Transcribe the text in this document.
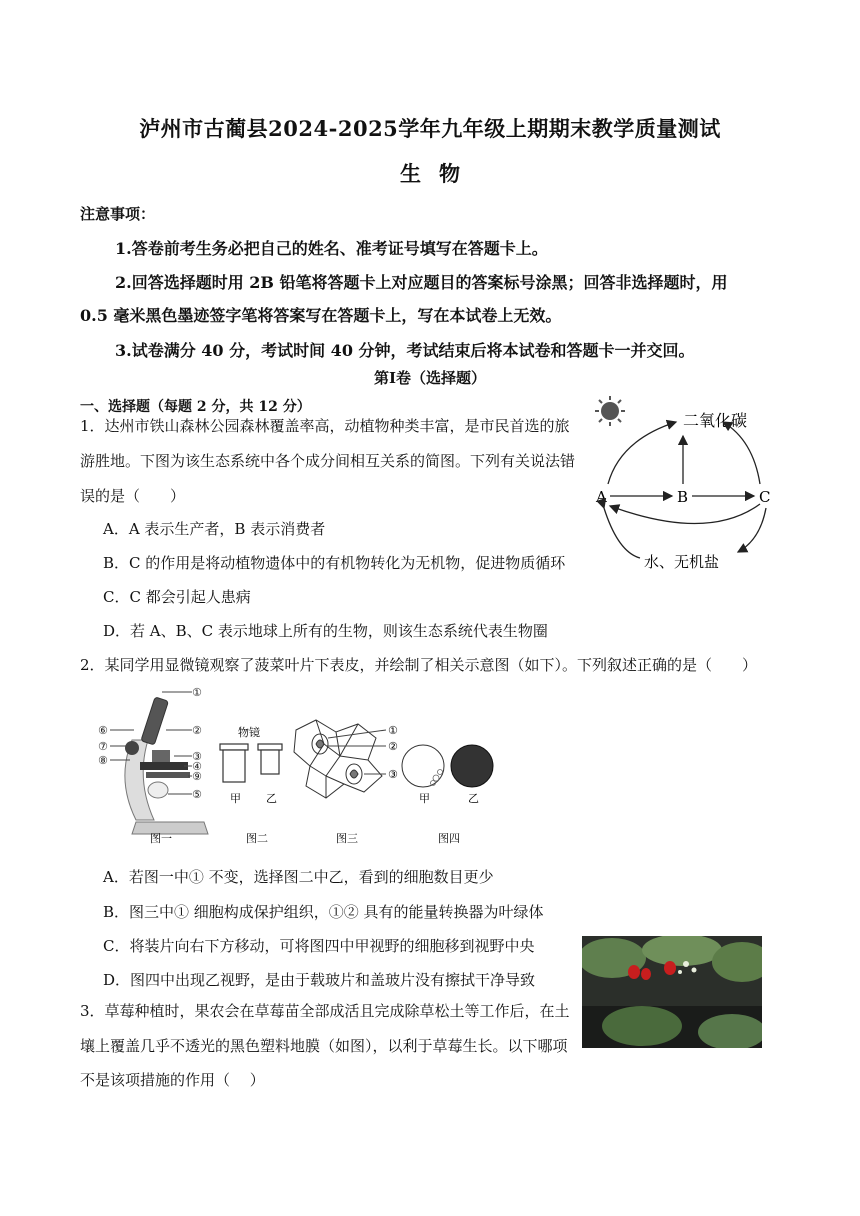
泸州市古蔺县2024-2025学年九年级上期期末教学质量测试
生物
注意事项：
1.答卷前考生务必把自己的姓名、准考证号填写在答题卡上。
2.回答选择题时用 2B 铅笔将答题卡上对应题目的答案标号涂黑；回答非选择题时，用
0.5 毫米黑色墨迹签字笔将答案写在答题卡上，写在本试卷上无效。
3.试卷满分 40 分，考试时间 40 分钟，考试结束后将本试卷和答题卡一并交回。
第Ⅰ卷（选择题）
一、选择题（每题 2 分，共 12 分）
1．达州市铁山森林公园森林覆盖率高，动植物种类丰富，是市民首选的旅
游胜地。下图为该生态系统中各个成分间相互关系的简图。下列有关说法错
误的是（　　）
A．A 表示生产者，B 表示消费者
B．C 的作用是将动植物遗体中的有机物转化为无机物，促进物质循环
C．C 都会引起人患病
D．若 A、B、C 表示地球上所有的生物，则该生态系统代表生物圈
二氧化碳
A	B	C
水、无机盐
2．某同学用显微镜观察了菠菜叶片下表皮，并绘制了相关示意图（如下）。下列叙述正确的是（　　）
①
②
③
④
⑨
⑤
⑥
⑦
⑧
物镜
甲 乙
①
②
③
甲	乙
图一	图二	图三	图四
A．若图一中① 不变，选择图二中乙，看到的细胞数目更少
B．图三中① 细胞构成保护组织，①② 具有的能量转换器为叶绿体
C．将装片向右下方移动，可将图四中甲视野的细胞移到视野中央
D．图四中出现乙视野，是由于载玻片和盖玻片没有擦拭干净导致
3．草莓种植时，果农会在草莓苗全部成活且完成除草松土等工作后，在土
壤上覆盖几乎不透光的黑色塑料地膜（如图），以利于草莓生长。以下哪项
不是该项措施的作用（　 ）
